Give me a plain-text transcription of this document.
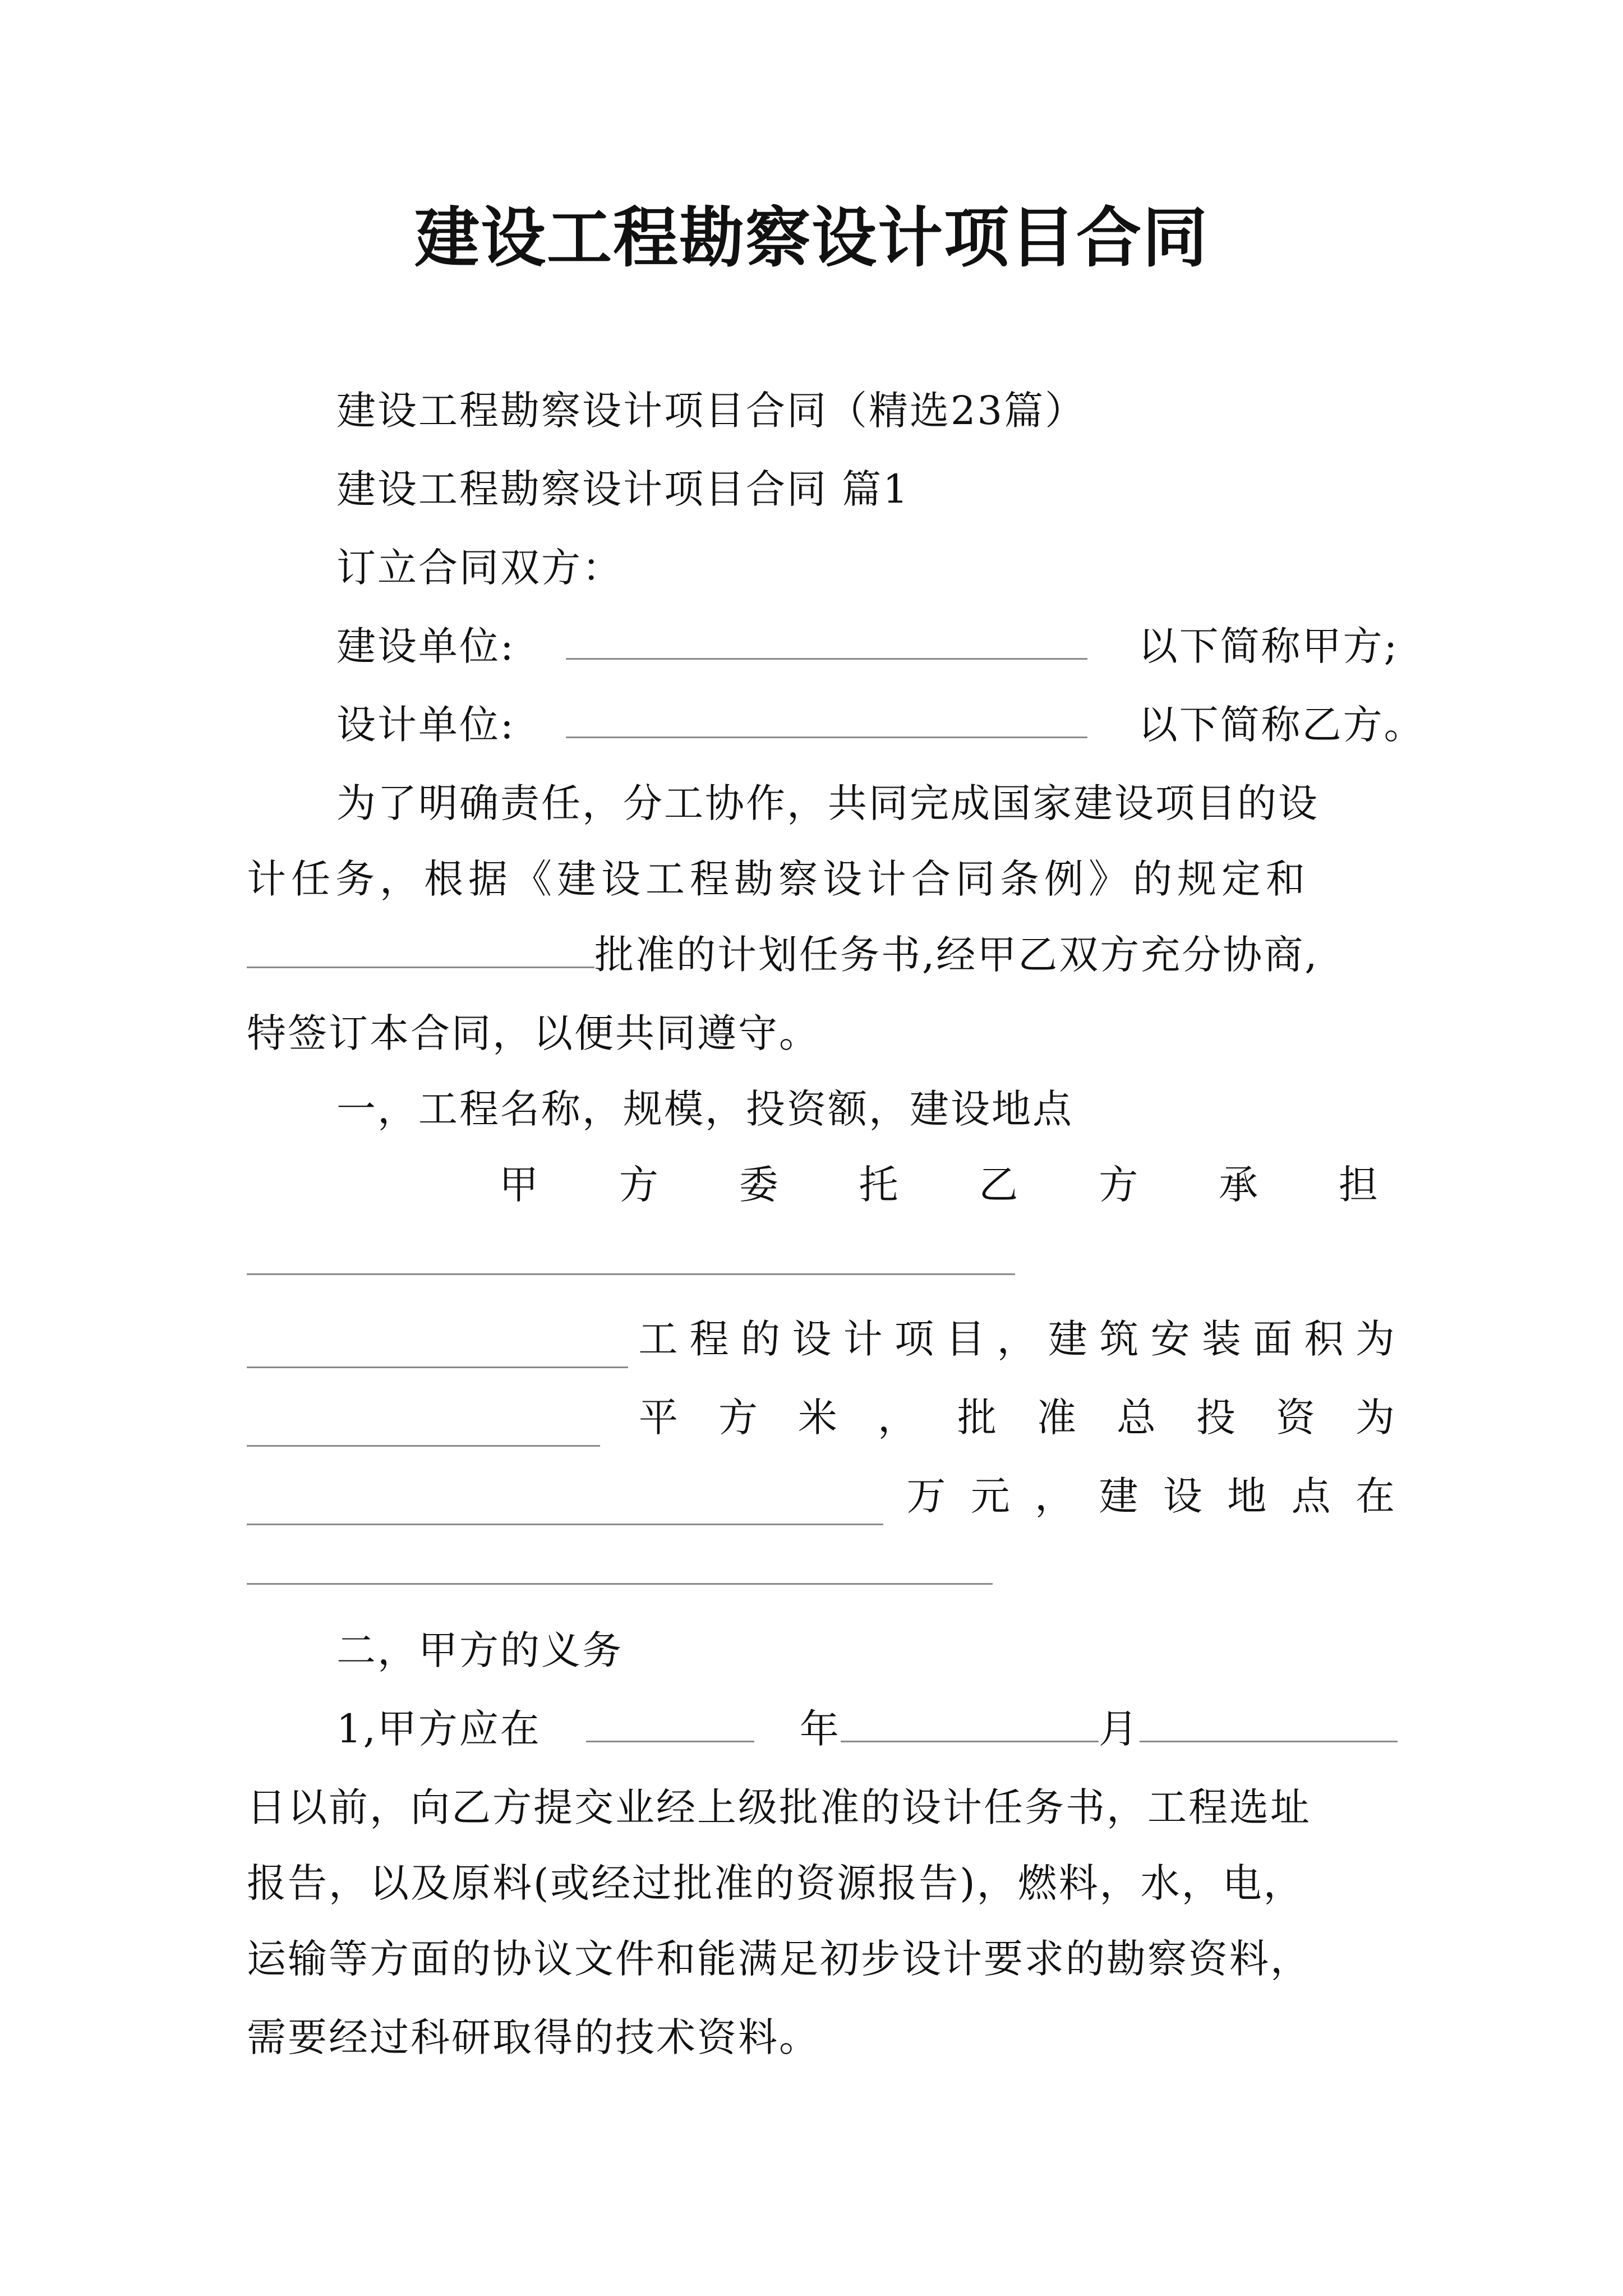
建设工程勘察设计项目合同
建设工程勘察设计项目合同（精选23篇）
建设工程勘察设计项目合同 篇1
订立合同双方：
建设单位:	以下简称甲方;
设计单位:	以下简称乙方。
为了明确责任，分工协作，共同完成国家建设项目的设
计任务，根据《建设工程勘察设计合同条例》的规定和
批准的计划任务书,经甲乙双方充分协商,
特签订本合同，以便共同遵守。
一，工程名称，规模，投资额，建设地点
甲 方 委 托 乙 方 承 担
工 程 的 设 计 项 目 ， 建 筑 安 装 面 积 为
平 方 米 ， 批 准 总 投 资 为
万 元 ， 建 设 地 点 在
二，甲方的义务
1,甲方应在	年	月
日以前，向乙方提交业经上级批准的设计任务书，工程选址
报告，以及原料(或经过批准的资源报告)，燃料，水，电，
运输等方面的协议文件和能满足初步设计要求的勘察资料，
需要经过科研取得的技术资料。
